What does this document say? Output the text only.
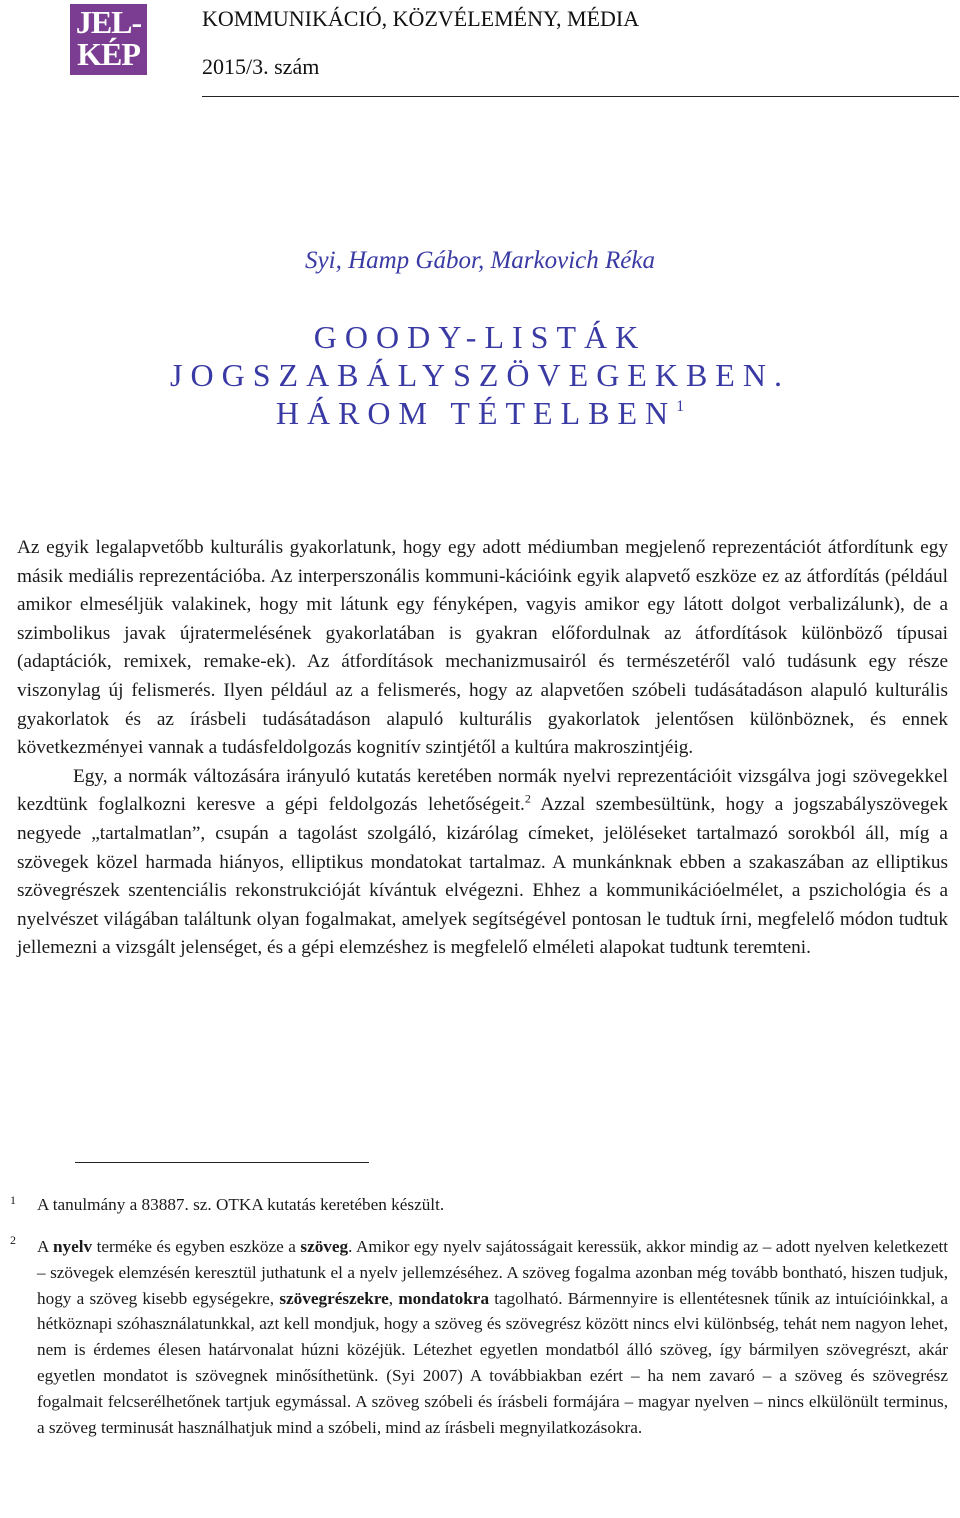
JEL-
KÉP
KOMMUNIKÁCIÓ, KÖZVÉLEMÉNY, MÉDIA
2015/3. szám
Syi, Hamp Gábor, Markovich Réka
GOODY-LISTÁK
JOGSZABÁLYSZÖVEGEKBEN.
HÁROM TÉTELBEN$^1$

Az egyik legalapvetőbb kulturális gyakorlatunk, hogy egy adott médiumban megjelenő reprezentációt átfordítunk egy másik mediális reprezentációba. Az interperszonális kommuni-kációink egyik alapvető eszköze ez az átfordítás (például amikor elmeséljük valakinek, hogy mit látunk egy fényképen, vagyis amikor egy látott dolgot verbalizálunk), de a szimbolikus javak újratermelésének gyakorlatában is gyakran előfordulnak az átfordítások különböző típusai (adaptációk, remixek, remake-ek). Az átfordítások mechanizmusairól és természetéről való tudásunk egy része viszonylag új felismerés. Ilyen például az a felismerés, hogy az alapvetően szóbeli tudásátadáson alapuló kulturális gyakorlatok és az írásbeli tudásátadáson alapuló kulturális gyakorlatok jelentősen különböznek, és ennek következményei vannak a tudásfeldolgozás kognitív szintjétől a kultúra makroszintjéig.

Egy, a normák változására irányuló kutatás keretében normák nyelvi reprezentációit vizsgálva jogi szövegekkel kezdtünk foglalkozni keresve a gépi feldolgozás lehetőségeit.$^2$ Azzal szembesültünk, hogy a jogszabályszövegek negyede „tartalmatlan”, csupán a tagolást szolgáló, kizárólag címeket, jelöléseket tartalmazó sorokból áll, míg a szövegek közel harmada hiányos, elliptikus mondatokat tartalmaz. A munkánknak ebben a szakaszában az elliptikus szövegrészek szentenciális rekonstrukcióját kívántuk elvégezni. Ehhez a kommunikációelmélet, a pszichológia és a nyelvészet világában találtunk olyan fogalmakat, amelyek segítségével pontosan le tudtuk írni, megfelelő módon tudtuk jellemezni a vizsgált jelenséget, és a gépi elemzéshez is megfelelő elméleti alapokat tudtunk teremteni.

1 A tanulmány a 83887. sz. OTKA kutatás keretében készült.
2 A nyelv terméke és egyben eszköze a szöveg. Amikor egy nyelv sajátosságait keressük, akkor mindig az – adott nyelven keletkezett – szövegek elemzésén keresztül juthatunk el a nyelv jellemzéséhez. A szöveg fogalma azonban még tovább bontható, hiszen tudjuk, hogy a szöveg kisebb egységekre, szövegrészekre, mondatokra tagolható. Bármennyire is ellentétesnek tűnik az intuícióinkkal, a hétköznapi szóhasználatunkkal, azt kell mondjuk, hogy a szöveg és szövegrész között nincs elvi különbség, tehát nem nagyon lehet, nem is érdemes élesen határvonalat húzni közéjük. Létezhet egyetlen mondatból álló szöveg, így bármilyen szövegrészt, akár egyetlen mondatot is szövegnek minősíthetünk. (Syi 2007) A továbbiakban ezért – ha nem zavaró – a szöveg és szövegrész fogalmait felcserélhetőnek tartjuk egymással. A szöveg szóbeli és írásbeli formájára – magyar nyelven – nincs elkülönült terminus, a szöveg terminusát használhatjuk mind a szóbeli, mind az írásbeli megnyilatkozásokra.
